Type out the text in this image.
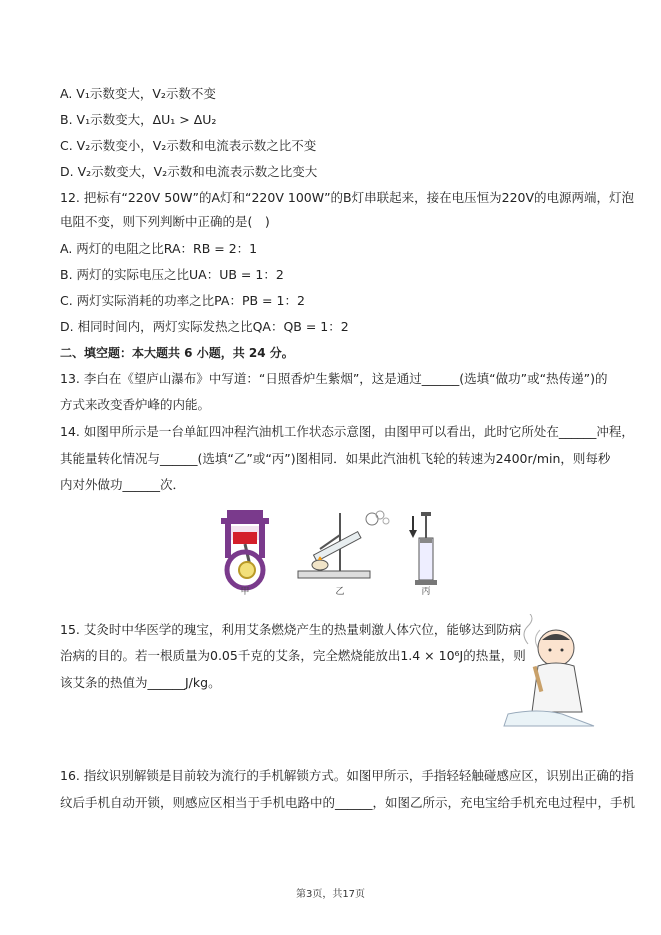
A. V₁示数变大，V₂示数不变
B. V₁示数变大，ΔU₁ > ΔU₂
C. V₂示数变小，V₂示数和电流表示数之比不变
D. V₂示数变大，V₂示数和电流表示数之比变大
12. 把标有“220V 50W”的A灯和“220V 100W”的B灯串联起来，接在电压恒为220V的电源两端，灯泡
电阻不变，则下列判断中正确的是(　)
A. 两灯的电阻之比RA：RB = 2：1
B. 两灯的实际电压之比UA：UB = 1：2
C. 两灯实际消耗的功率之比PA：PB = 1：2
D. 相同时间内，两灯实际发热之比QA：QB = 1：2
二、填空题：本大题共 6 小题，共 24 分。
13. 李白在《望庐山瀑布》中写道：“日照香炉生紫烟”，这是通过______(选填“做功”或“热传递”)的
方式来改变香炉峰的内能。
14. 如图甲所示是一台单缸四冲程汽油机工作状态示意图，由图甲可以看出，此时它所处在______冲程，
其能量转化情况与______(选填“乙”或“丙”)图相同．如果此汽油机飞轮的转速为2400r/min，则每秒
内对外做功______次．
甲	乙	丙
15. 艾灸时中华医学的瑰宝，利用艾条燃烧产生的热量刺激人体穴位，能够达到防病
治病的目的。若一根质量为0.05千克的艾条，完全燃烧能放出1.4 × 10⁶J的热量，则
该艾条的热值为______J/kg。
16. 指纹识别解锁是目前较为流行的手机解锁方式。如图甲所示，手指轻轻触碰感应区，识别出正确的指
纹后手机自动开锁，则感应区相当于手机电路中的______，如图乙所示，充电宝给手机充电过程中，手机
第3页，共17页
